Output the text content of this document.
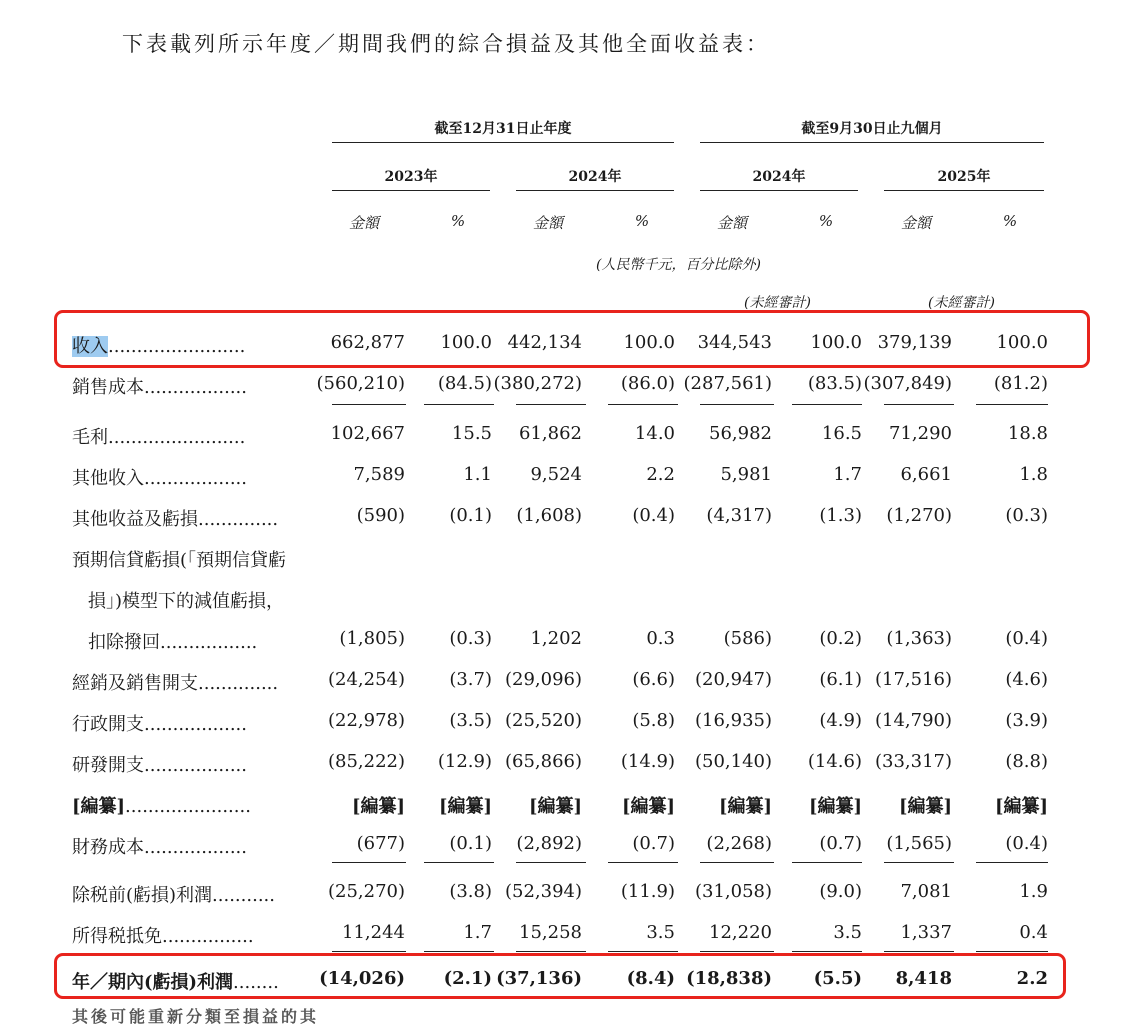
下表載列所示年度／期間我們的綜合損益及其他全面收益表：
截至12月31日止年度	截至9月30日止九個月
2023年	2024年	2024年	2025年
金額	%	金額	%	金額	%	金額	%
(人民幣千元，百分比除外)
(未經審計)	(未經審計)
收入........................	662,877 100.0 442,134 100.0 344,543 100.0 379,139 100.0
銷售成本..................	(560,210) (84.5) (380,272) (86.0) (287,561) (83.5) (307,849) (81.2)
毛利........................	102,667	15.5 61,862	14.0 56,982	16.5 71,290	18.8
其他收入..................	7,589	1.1 9,524	2.2	5,981	1.7 6,661	1.8
其他收益及虧損..............	(590) (0.1) (1,608)	(0.4) (4,317)	(1.3) (1,270)	(0.3)
預期信貸虧損(「預期信貸虧
損」)模型下的減值虧損，
扣除撥回.................	(1,805) (0.3) 1,202	0.3	(586)	(0.2) (1,363)	(0.4)
經銷及銷售開支..............	(24,254) (3.7) (29,096)	(6.6) (20,947)	(6.1) (17,516)	(4.6)
行政開支..................	(22,978) (3.5) (25,520)	(5.8) (16,935)	(4.9) (14,790)	(3.9)
研發開支..................	(85,222) (12.9) (65,866) (14.9) (50,140) (14.6) (33,317)	(8.8)
[編纂]......................	[編纂] [編纂] [編纂] [編纂] [編纂] [編纂] [編纂] [編纂]
財務成本..................	(677) (0.1) (2,892)	(0.7) (2,268)	(0.7) (1,565)	(0.4)
除税前(虧損)利潤...........	(25,270) (3.8) (52,394) (11.9) (31,058)	(9.0) 7,081	1.9
所得税抵免................	11,244	1.7 15,258	3.5 12,220	3.5 1,337	0.4
年／期內(虧損)利潤........	(14,026) (2.1) (37,136) (8.4) (18,838) (5.5) 8,418	2.2
其後可能重新分類至損益的其
